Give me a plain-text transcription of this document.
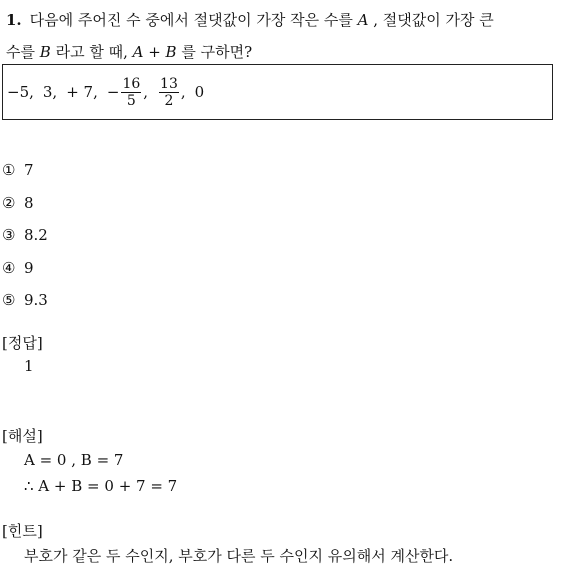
1. 다음에 주어진 수 중에서 절댓값이 가장 작은 수를 A , 절댓값이 가장 큰
수를 B 라고 할 때, A + B 를 구하면?
−5, 3, + 7, − $\frac{16}{5}$ , $\frac{13}{2}$ , 0
① 7
② 8
③ 8.2
④ 9
⑤ 9.3
[정답]
1
[해설]
A = 0 , B = 7
∴ A + B = 0 + 7 = 7
[힌트]
부호가 같은 두 수인지, 부호가 다른 두 수인지 유의해서 계산한다.
